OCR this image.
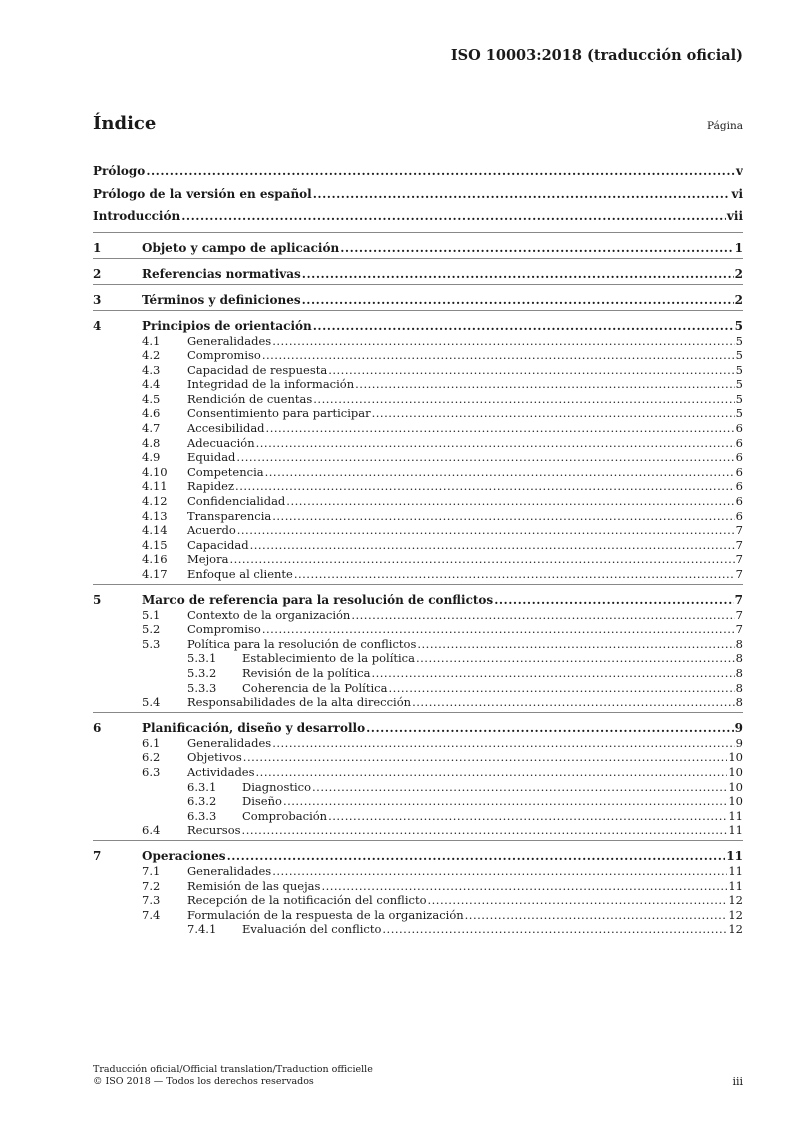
ISO 10003:2018 (traducción oficial)
Índice	Página
Prólogo .....	v
Prólogo de la versión en español .....	vi
Introducción .....	vii
1	Objeto y campo de aplicación .....	1
2	Referencias normativas .....	2
3	Términos y definiciones .....	2
4	Principios de orientación .....	5
4.1	Generalidades .....	5
4.2	Compromiso .....	5
4.3	Capacidad de respuesta .....	5
4.4	Integridad de la información .....	5
4.5	Rendición de cuentas .....	5
4.6	Consentimiento para participar .....	5
4.7	Accesibilidad .....	6
4.8	Adecuación .....	6
4.9	Equidad .....	6
4.10	Competencia .....	6
4.11	Rapidez .....	6
4.12	Confidencialidad .....	6
4.13	Transparencia .....	6
4.14	Acuerdo .....	7
4.15	Capacidad .....	7
4.16	Mejora .....	7
4.17	Enfoque al cliente .....	7
5	Marco de referencia para la resolución de conflictos .....	7
5.1	Contexto de la organización .....	7
5.2	Compromiso .....	7
5.3	Política para la resolución de conflictos .....	8
5.3.1	Establecimiento de la política .....	8
5.3.2	Revisión de la política .....	8
5.3.3	Coherencia de la Política .....	8
5.4	Responsabilidades de la alta dirección .....	8
6	Planificación, diseño y desarrollo .....	9
6.1	Generalidades .....	9
6.2	Objetivos .....	10
6.3	Actividades .....	10
6.3.1	Diagnostico .....	10
6.3.2	Diseño .....	10
6.3.3	Comprobación .....	11
6.4	Recursos .....	11
7	Operaciones .....	11
7.1	Generalidades .....	11
7.2	Remisión de las quejas .....	11
7.3	Recepción de la notificación del conflicto .....	12
7.4	Formulación de la respuesta de la organización .....	12
7.4.1	Evaluación del conflicto .....	12
Traducción oficial/Official translation/Traduction officielle
© ISO 2018 — Todos los derechos reservados	iii
